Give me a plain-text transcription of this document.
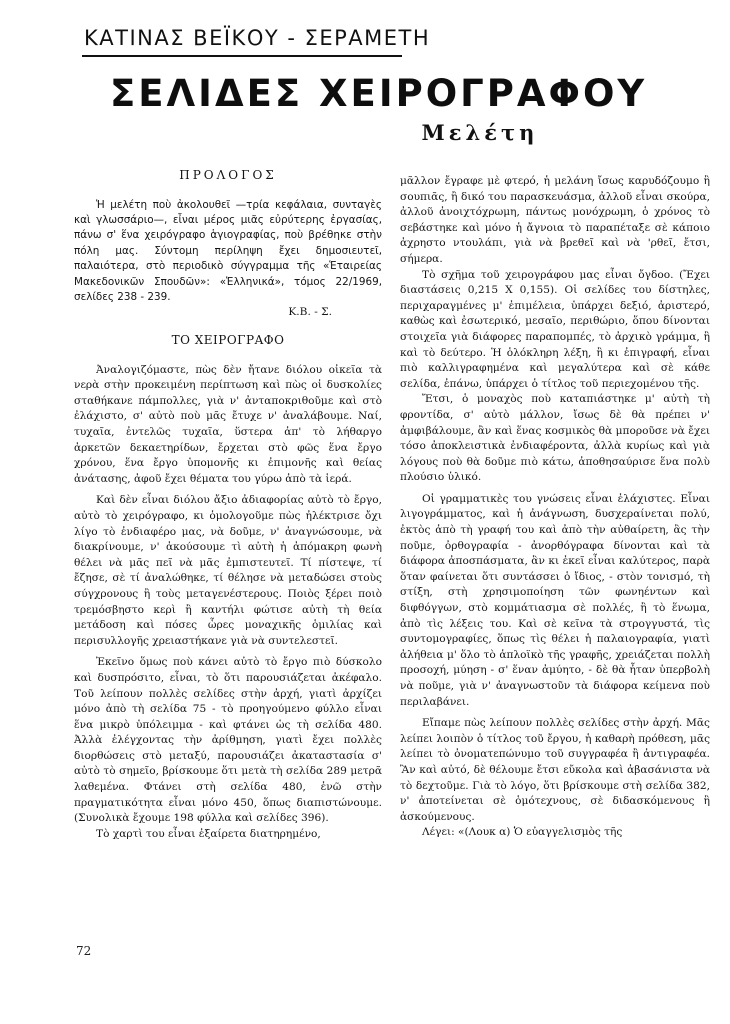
ΚΑΤΙΝΑΣ ΒΕΪΚΟΥ - ΣΕΡΑΜΕΤΗ
ΣΕΛΙΔΕΣ ΧΕΙΡΟΓΡΑΦΟΥ
Μελέτη
ΠΡΟΛΟΓΟΣ

Ἡ μελέτη ποὺ ἀκολουθεῖ —τρία κεφάλαια, συνταγὲς καὶ γλωσσάριο—, εἶναι μέρος μιᾶς εὐρύτερης ἐργασίας, πάνω σ' ἕνα χειρόγραφο ἁγιογραφίας, ποὺ βρέθηκε στὴν πόλη μας. Σύντομη περίληψη ἔχει δημοσιευτεῖ, παλαιότερα, στὸ περιοδικὸ σύγγραμμα τῆς «Ἑταιρείας Μακεδονικῶν Σπουδῶν»: «Ἑλληνικά», τόμος 22/1969, σελίδες 238 - 239.

Κ.Β. - Σ.
ΤΟ ΧΕΙΡΟΓΡΑΦΟ

Ἀναλογιζόμαστε, πὼς δὲν ἤτανε διόλου οἰκεῖα τὰ νερὰ στὴν προκειμένη περίπτωση καὶ πὼς οἱ δυσκολίες σταθήκανε πάμπολλες, γιὰ ν' ἀνταποκριθοῦμε καὶ στὸ ἐλάχιστο, σ' αὐτὸ ποὺ μᾶς ἔτυχε ν' ἀναλάβουμε. Ναί, τυχαῖα, ἐντελῶς τυχαῖα, ὕστερα ἀπ' τὸ λήθαργο ἀρκετῶν δεκαετηρίδων, ἔρχεται στὸ φῶς ἕνα ἔργο χρόνου, ἕνα ἔργο ὑπομονῆς κι ἐπιμονῆς καὶ θείας ἀνάτασης, ἀφοῦ ἔχει θέματα του γύρω ἀπὸ τὰ ἱερά.

Καὶ δὲν εἶναι διόλου ἄξιο ἀδιαφορίας αὐτὸ τὸ ἔργο, αὐτὸ τὸ χειρόγραφο, κι ὁμολογοῦμε πὼς ἠλέκτρισε ὄχι λίγο τὸ ἐνδιαφέρο μας, νὰ δοῦμε, ν' ἀναγνώσουμε, νὰ διακρίνουμε, ν' ἀκούσουμε τὶ αὐτὴ ἡ ἀπόμακρη φωνὴ θέλει νὰ μᾶς πεῖ νὰ μᾶς ἐμπιστευτεῖ. Τί πίστεψε, τί ἔζησε, σὲ τί ἀναλώθηκε, τί θέλησε νὰ μεταδώσει στοὺς σύγχρονους ἢ τοὺς μεταγενέστερους. Ποιὸς ξέρει ποιὸ τρεμόσβηστο κερὶ ἢ καντήλι φώτισε αὐτὴ τὴ θεία μετάδοση καὶ πόσες ὧρες μοναχικῆς ὁμιλίας καὶ περισυλλογῆς χρειαστήκανε γιὰ νὰ συντελεστεῖ.

Ἐκεῖνο ὅμως ποὺ κάνει αὐτὸ τὸ ἔργο πιὸ δύσκολο καὶ δυσπρόσιτο, εἶναι, τὸ ὅτι παρουσιάζεται ἀκέφαλο. Τοῦ λείπουν πολλὲς σελίδες στὴν ἀρχή, γιατὶ ἀρχίζει μόνο ἀπὸ τὴ σελίδα 75 - τὸ προηγούμενο φύλλο εἶναι ἕνα μικρὸ ὑπόλειμμα - καὶ φτάνει ὡς τὴ σελίδα 480. Ἀλλὰ ἐλέγχοντας τὴν ἀρίθμηση, γιατὶ ἔχει πολλὲς διορθώσεις στὸ μεταξύ, παρουσιάζει ἀκαταστασία σ' αὐτὸ τὸ σημεῖο, βρίσκουμε ὅτι μετὰ τὴ σελίδα 289 μετρᾶ λαθεμένα. Φτάνει στὴ σελίδα 480, ἐνῶ στὴν πραγματικότητα εἶναι μόνο 450, ὅπως διαπιστώνουμε. (Συνολικὰ ἔχουμε 198 φύλλα καὶ σελίδες 396).

Τὸ χαρτὶ του εἶναι ἐξαίρετα διατηρημένο,

μᾶλλον ἔγραφε μὲ φτερό, ἡ μελάνη ἴσως καρυδόζουμο ἢ σουπιᾶς, ἢ δικό του παρασκευάσμα, ἀλλοῦ εἶναι σκούρα, ἀλλοῦ ἀνοιχτόχρωμη, πάντως μονόχρωμη, ὁ χρόνος τὸ σεβάστηκε καὶ μόνο ἡ ἄγνοια τὸ παραπέταξε σὲ κάποιο ἀχρηστο ντουλάπι, γιὰ νὰ βρεθεῖ καὶ νὰ 'ρθεῖ, ἔτσι, σήμερα.

Τὸ σχῆμα τοῦ χειρογράφου μας εἶναι ὄγδοο. (Ἔχει διαστάσεις 0,215 X 0,155). Οἱ σελίδες του δίστηλες, περιχαραγμένες μ' ἐπιμέλεια, ὑπάρχει δεξιό, ἀριστερό, καθὼς καὶ ἐσωτερικό, μεσαῖο, περιθώριο, ὅπου δίνονται στοιχεῖα γιὰ διάφορες παραπομπές, τὸ ἀρχικὸ γράμμα, ἢ καὶ τὸ δεύτερο. Ἡ ὁλόκληρη λέξη, ἢ κι ἐπιγραφή, εἶναι πιὸ καλλιγραφημένα καὶ μεγαλύτερα καὶ σὲ κάθε σελίδα, ἐπάνω, ὑπάρχει ὁ τίτλος τοῦ περιεχομένου τῆς.

Ἔτσι, ὁ μοναχὸς ποὺ καταπιάστηκε μ' αὐτὴ τὴ φροντίδα, σ' αὐτὸ μάλλον, ἴσως δὲ θὰ πρέπει ν' ἀμφιβάλουμε, ἂν καὶ ἕνας κοσμικὸς θὰ μποροῦσε νὰ ἔχει τόσο ἀποκλειστικὰ ἐνδιαφέροντα, ἀλλὰ κυρίως καὶ γιὰ λόγους ποὺ θὰ δοῦμε πιὸ κάτω, ἀποθησαύρισε ἕνα πολὺ πλούσιο ὑλικό.

Οἱ γραμματικὲς του γνώσεις εἶναι ἐλάχιστες. Εἶναι λιγογράμματος, καὶ ἡ ἀνάγνωση, δυσχεραίνεται πολύ, ἐκτὸς ἀπὸ τὴ γραφή του καὶ ἀπὸ τὴν αὐθαίρετη, ἂς τὴν ποῦμε, ὀρθογραφία - ἀνορθόγραφα δίνονται καὶ τὰ διάφορα ἀποσπάσματα, ἂν κι ἐκεῖ εἶναι καλύτερος, παρὰ ὅταν φαίνεται ὅτι συντάσσει ὁ ἴδιος, - στὸν τονισμό, τὴ στίξη, στὴ χρησιμοποίηση τῶν φωνηέντων καὶ διφθόγγων, στὸ κομμάτιασμα σὲ πολλές, ἢ τὸ ἕνωμα, ἀπὸ τὶς λέξεις του. Καὶ σὲ κεῖνα τὰ στρογγυστά, τὶς συντομογραφίες, ὅπως τὶς θέλει ἡ παλαιογραφία, γιατὶ ἀλήθεια μ' ὅλο τὸ ἁπλοϊκὸ τῆς γραφῆς, χρειάζεται πολλὴ προσοχή, μύηση - σ' ἕναν ἀμύητο, - δὲ θὰ ἦταν ὑπερβολὴ νὰ ποῦμε, γιὰ ν' ἀναγνωστοῦν τὰ διάφορα κείμενα ποὺ περιλαβάνει.

Εἴπαμε πὼς λείπουν πολλὲς σελίδες στὴν ἀρχή. Μᾶς λείπει λοιπὸν ὁ τίτλος τοῦ ἔργου, ἡ καθαρὴ πρόθεση, μᾶς λείπει τὸ ὀνοματεπώνυμο τοῦ συγγραφέα ἢ ἀντιγραφέα. Ἂν καὶ αὐτό, δὲ θέλουμε ἔτσι εὔκολα καὶ ἀβασάνιστα νὰ τὸ δεχτοῦμε. Γιὰ τὸ λόγο, ὅτι βρίσκουμε στὴ σελίδα 382, ν' ἀποτείνεται σὲ ὁμότεχνους, σὲ διδασκόμενους ἢ ἀσκούμενους.

Λέγει: «(Λουκ α) Ὁ εὐαγγελισμὸς τῆς

72
